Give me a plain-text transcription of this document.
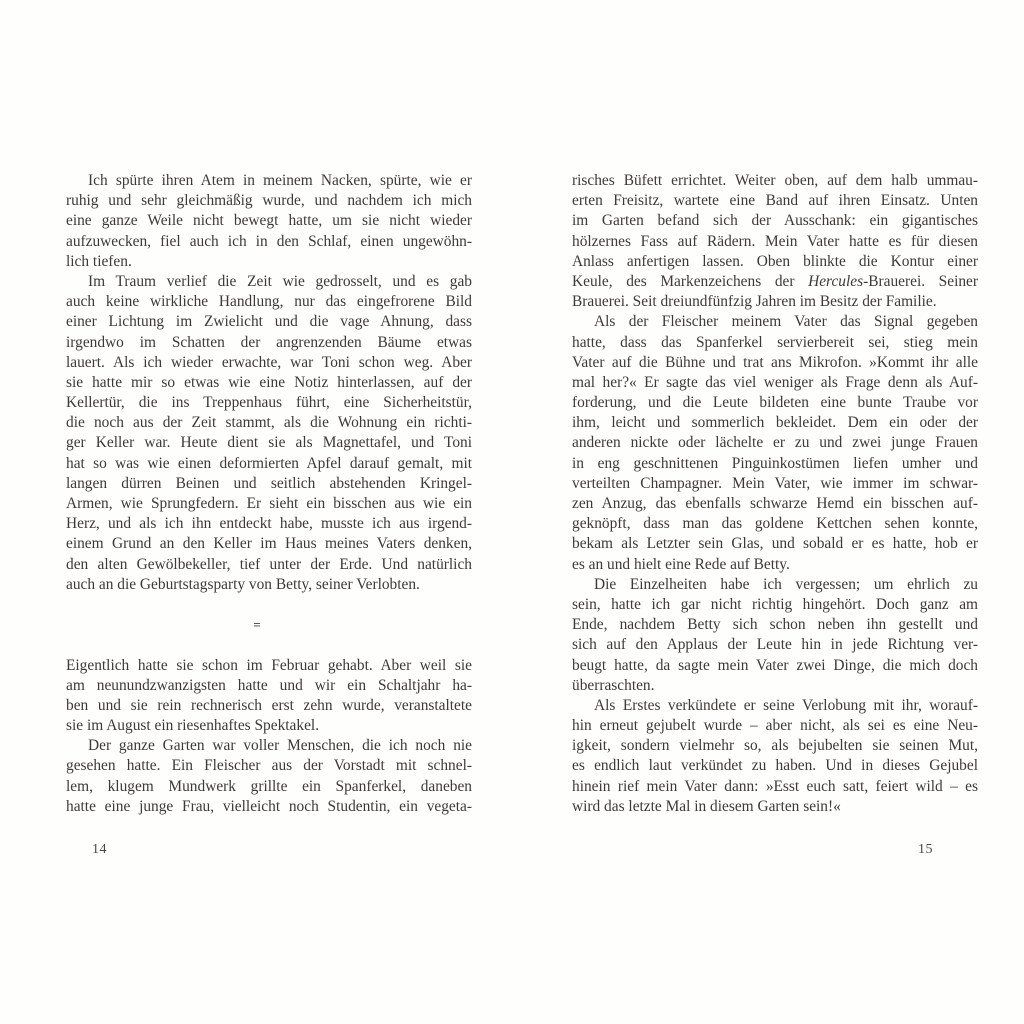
Ich spürte ihren Atem in meinem Nacken, spürte, wie er
ruhig und sehr gleichmäßig wurde, und nachdem ich mich
eine ganze Weile nicht bewegt hatte, um sie nicht wieder
aufzuwecken, fiel auch ich in den Schlaf, einen ungewöhn-
lich tiefen.
Im Traum verlief die Zeit wie gedrosselt, und es gab
auch keine wirkliche Handlung, nur das eingefrorene Bild
einer Lichtung im Zwielicht und die vage Ahnung, dass
irgendwo im Schatten der angrenzenden Bäume etwas
lauert. Als ich wieder erwachte, war Toni schon weg. Aber
sie hatte mir so etwas wie eine Notiz hinterlassen, auf der
Kellertür, die ins Treppenhaus führt, eine Sicherheitstür,
die noch aus der Zeit stammt, als die Wohnung ein richti-
ger Keller war. Heute dient sie als Magnettafel, und Toni
hat so was wie einen deformierten Apfel darauf gemalt, mit
langen dürren Beinen und seitlich abstehenden Kringel-
Armen, wie Sprungfedern. Er sieht ein bisschen aus wie ein
Herz, und als ich ihn entdeckt habe, musste ich aus irgend-
einem Grund an den Keller im Haus meines Vaters denken,
den alten Gewölbekeller, tief unter der Erde. Und natürlich
auch an die Geburtstagsparty von Betty, seiner Verlobten.
=
Eigentlich hatte sie schon im Februar gehabt. Aber weil sie
am neunundzwanzigsten hatte und wir ein Schaltjahr ha-
ben und sie rein rechnerisch erst zehn wurde, veranstaltete
sie im August ein riesenhaftes Spektakel.
Der ganze Garten war voller Menschen, die ich noch nie
gesehen hatte. Ein Fleischer aus der Vorstadt mit schnel-
lem, klugem Mundwerk grillte ein Spanferkel, daneben
hatte eine junge Frau, vielleicht noch Studentin, ein vegeta-
risches Büfett errichtet. Weiter oben, auf dem halb ummau-
erten Freisitz, wartete eine Band auf ihren Einsatz. Unten
im Garten befand sich der Ausschank: ein gigantisches
hölzernes Fass auf Rädern. Mein Vater hatte es für diesen
Anlass anfertigen lassen. Oben blinkte die Kontur einer
Keule, des Markenzeichens der Hercules-Brauerei. Seiner
Brauerei. Seit dreiundfünfzig Jahren im Besitz der Familie.
Als der Fleischer meinem Vater das Signal gegeben
hatte, dass das Spanferkel servierbereit sei, stieg mein
Vater auf die Bühne und trat ans Mikrofon. »Kommt ihr alle
mal her?« Er sagte das viel weniger als Frage denn als Auf-
forderung, und die Leute bildeten eine bunte Traube vor
ihm, leicht und sommerlich bekleidet. Dem ein oder der
anderen nickte oder lächelte er zu und zwei junge Frauen
in eng geschnittenen Pinguinkostümen liefen umher und
verteilten Champagner. Mein Vater, wie immer im schwar-
zen Anzug, das ebenfalls schwarze Hemd ein bisschen auf-
geknöpft, dass man das goldene Kettchen sehen konnte,
bekam als Letzter sein Glas, und sobald er es hatte, hob er
es an und hielt eine Rede auf Betty.
Die Einzelheiten habe ich vergessen; um ehrlich zu
sein, hatte ich gar nicht richtig hingehört. Doch ganz am
Ende, nachdem Betty sich schon neben ihn gestellt und
sich auf den Applaus der Leute hin in jede Richtung ver-
beugt hatte, da sagte mein Vater zwei Dinge, die mich doch
überraschten.
Als Erstes verkündete er seine Verlobung mit ihr, worauf-
hin erneut gejubelt wurde – aber nicht, als sei es eine Neu-
igkeit, sondern vielmehr so, als bejubelten sie seinen Mut,
es endlich laut verkündet zu haben. Und in dieses Gejubel
hinein rief mein Vater dann: »Esst euch satt, feiert wild – es
wird das letzte Mal in diesem Garten sein!«
14	15
